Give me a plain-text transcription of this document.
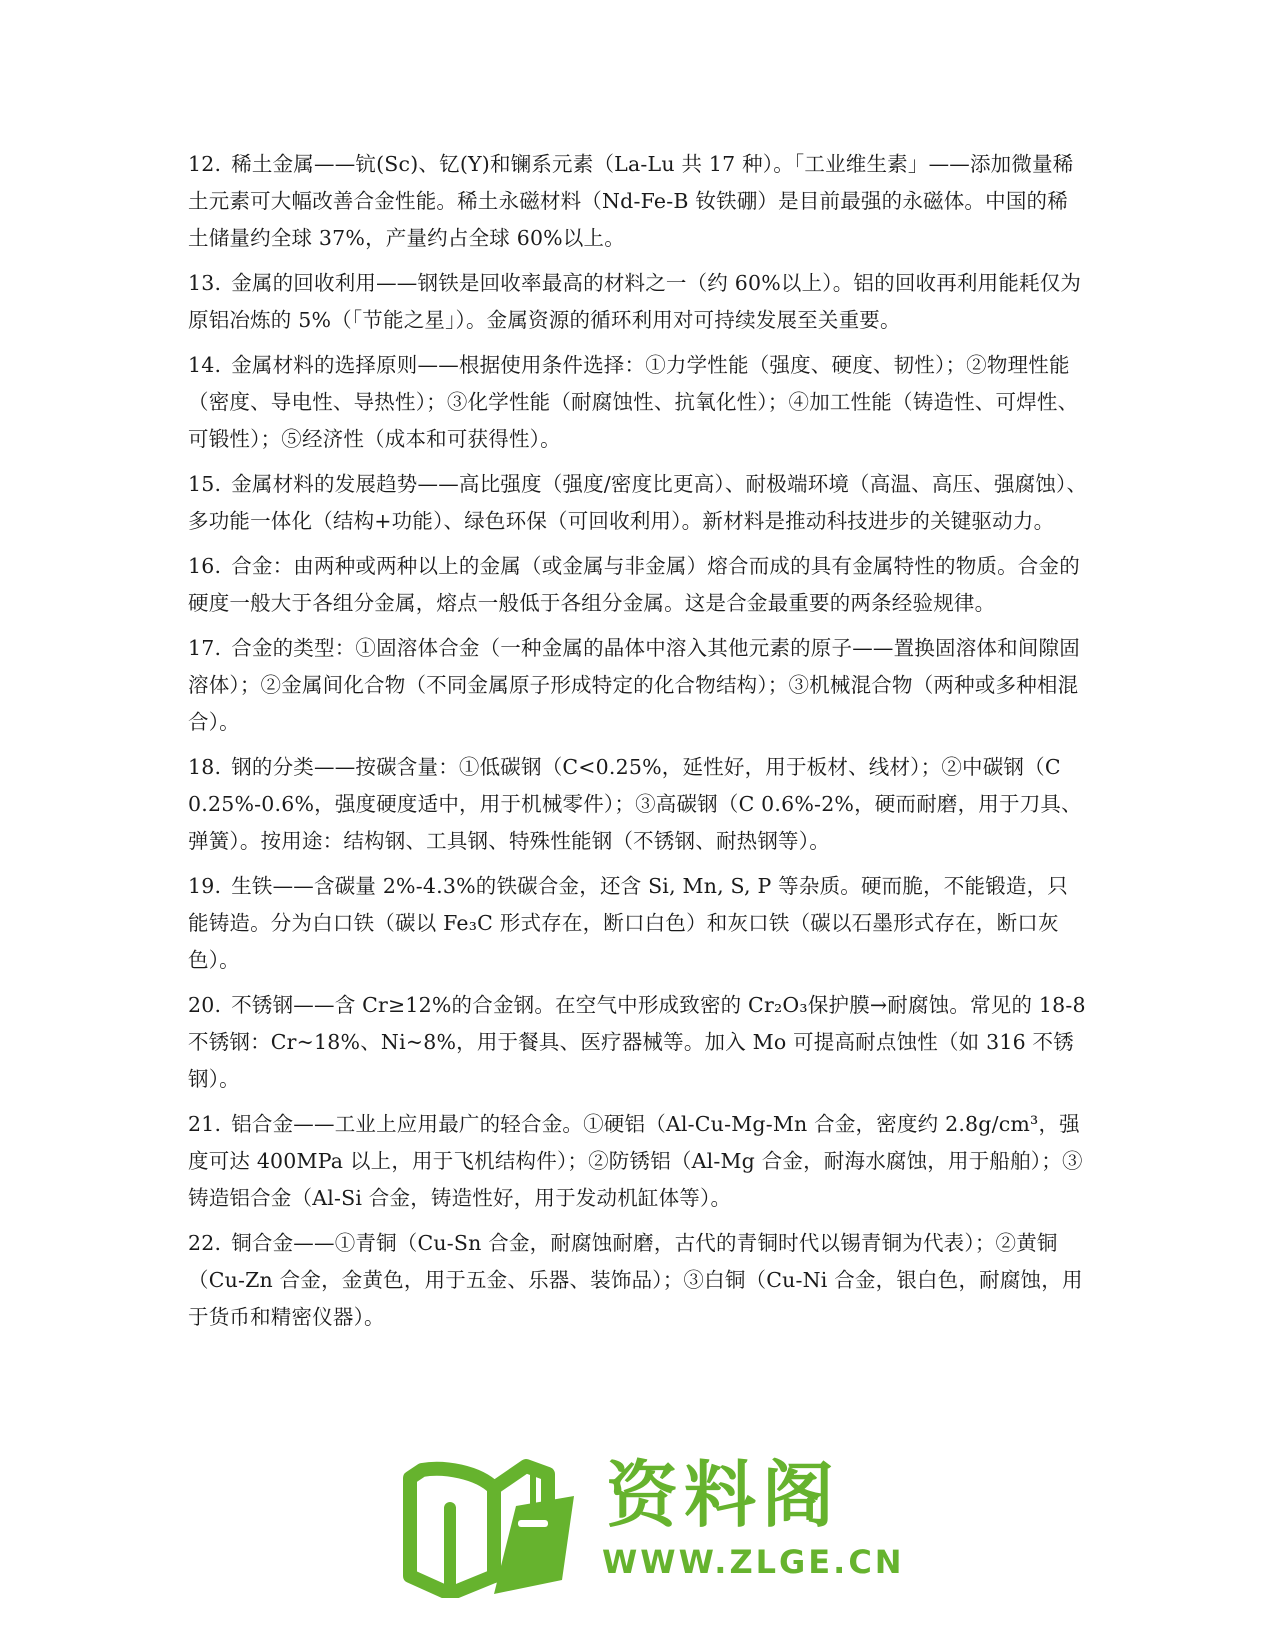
12. 稀土金属——钪(Sc)、钇(Y)和镧系元素（La-Lu 共 17 种）。「工业维生素」——添加微量稀土元素可大幅改善合金性能。稀土永磁材料（Nd-Fe-B 钕铁硼）是目前最强的永磁体。中国的稀土储量约全球 37%，产量约占全球 60%以上。

13. 金属的回收利用——钢铁是回收率最高的材料之一（约 60%以上）。铝的回收再利用能耗仅为原铝冶炼的 5%（「节能之星」）。金属资源的循环利用对可持续发展至关重要。

14. 金属材料的选择原则——根据使用条件选择：①力学性能（强度、硬度、韧性）；②物理性能（密度、导电性、导热性）；③化学性能（耐腐蚀性、抗氧化性）；④加工性能（铸造性、可焊性、可锻性）；⑤经济性（成本和可获得性）。

15. 金属材料的发展趋势——高比强度（强度/密度比更高）、耐极端环境（高温、高压、强腐蚀）、多功能一体化（结构+功能）、绿色环保（可回收利用）。新材料是推动科技进步的关键驱动力。

16. 合金：由两种或两种以上的金属（或金属与非金属）熔合而成的具有金属特性的物质。合金的硬度一般大于各组分金属，熔点一般低于各组分金属。这是合金最重要的两条经验规律。

17. 合金的类型：①固溶体合金（一种金属的晶体中溶入其他元素的原子——置换固溶体和间隙固溶体）；②金属间化合物（不同金属原子形成特定的化合物结构）；③机械混合物（两种或多种相混合）。

18. 钢的分类——按碳含量：①低碳钢（C<0.25%，延性好，用于板材、线材）；②中碳钢（C 0.25%-0.6%，强度硬度适中，用于机械零件）；③高碳钢（C 0.6%-2%，硬而耐磨，用于刀具、弹簧）。按用途：结构钢、工具钢、特殊性能钢（不锈钢、耐热钢等）。

19. 生铁——含碳量 2%-4.3%的铁碳合金，还含 Si, Mn, S, P 等杂质。硬而脆，不能锻造，只能铸造。分为白口铁（碳以 Fe₃C 形式存在，断口白色）和灰口铁（碳以石墨形式存在，断口灰色）。

20. 不锈钢——含 Cr≥12%的合金钢。在空气中形成致密的 Cr₂O₃保护膜→耐腐蚀。常见的 18-8 不锈钢：Cr~18%、Ni~8%，用于餐具、医疗器械等。加入 Mo 可提高耐点蚀性（如 316 不锈钢）。

21. 铝合金——工业上应用最广的轻合金。①硬铝（Al-Cu-Mg-Mn 合金，密度约 2.8g/cm³，强度可达 400MPa 以上，用于飞机结构件）；②防锈铝（Al-Mg 合金，耐海水腐蚀，用于船舶）；③铸造铝合金（Al-Si 合金，铸造性好，用于发动机缸体等）。

22. 铜合金——①青铜（Cu-Sn 合金，耐腐蚀耐磨，古代的青铜时代以锡青铜为代表）；②黄铜（Cu-Zn 合金，金黄色，用于五金、乐器、装饰品）；③白铜（Cu-Ni 合金，银白色，耐腐蚀，用于货币和精密仪器）。

资料阁
WWW.ZLGE.CN
